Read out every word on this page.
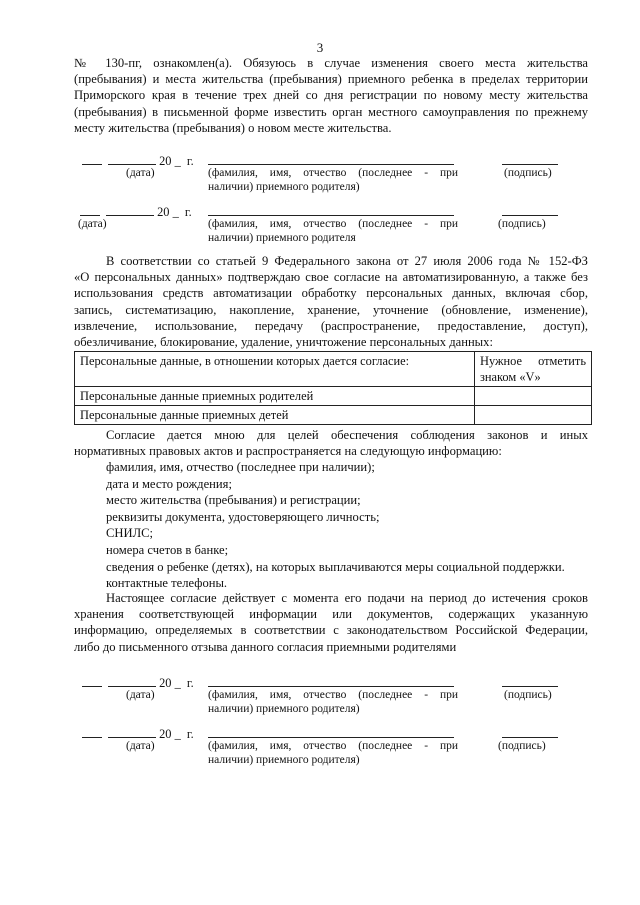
3
№ 130-пг, ознакомлен(а). Обязуюсь в случае изменения своего места жительства
(пребывания) и места жительства (пребывания) приемного ребенка в пределах территории
Приморского края в течение трех дней со дня регистрации по новому месту жительства
(пребывания) в письменной форме известить орган местного самоуправления по прежнему
месту жительства (пребывания) о новом месте жительства.
20 _ г.
(дата)	(фамилия, имя, отчество (последнее - при
наличии) приемного родителя)
(подпись)
20 _ г.
(дата)	(фамилия, имя, отчество (последнее - при
наличии) приемного родителя
(подпись)
В соответствии со статьей 9 Федерального закона от 27 июля 2006 года № 152-ФЗ
«О персональных данных» подтверждаю свое согласие на автоматизированную, а также без
использования средств автоматизации обработку персональных данных, включая сбор,
запись, систематизацию, накопление, хранение, уточнение (обновление, изменение),
извлечение, использование, передачу (распространение, предоставление, доступ),
обезличивание, блокирование, удаление, уничтожение персональных данных:
Персональные данные, в отношении которых дается согласие:	Нужное отметить
знаком «V»
Персональные данные приемных родителей	
Персональные данные приемных детей	
Согласие дается мною для целей обеспечения соблюдения законов и иных
нормативных правовых актов и распространяется на следующую информацию:
фамилия, имя, отчество (последнее при наличии);
дата и место рождения;
место жительства (пребывания) и регистрации;
реквизиты документа, удостоверяющего личность;
СНИЛС;
номера счетов в банке;
сведения о ребенке (детях), на которых выплачиваются меры социальной поддержки.
контактные телефоны.
Настоящее согласие действует с момента его подачи на период до истечения сроков
хранения соответствующей информации или документов, содержащих указанную
информацию, определяемых в соответствии с законодательством Российской Федерации,
либо до письменного отзыва данного согласия приемными родителями
20 _ г.
(дата)	(фамилия, имя, отчество (последнее - при
наличии) приемного родителя)
(подпись)
20 _ г.
(дата)	(фамилия, имя, отчество (последнее - при
наличии) приемного родителя)
(подпись)
